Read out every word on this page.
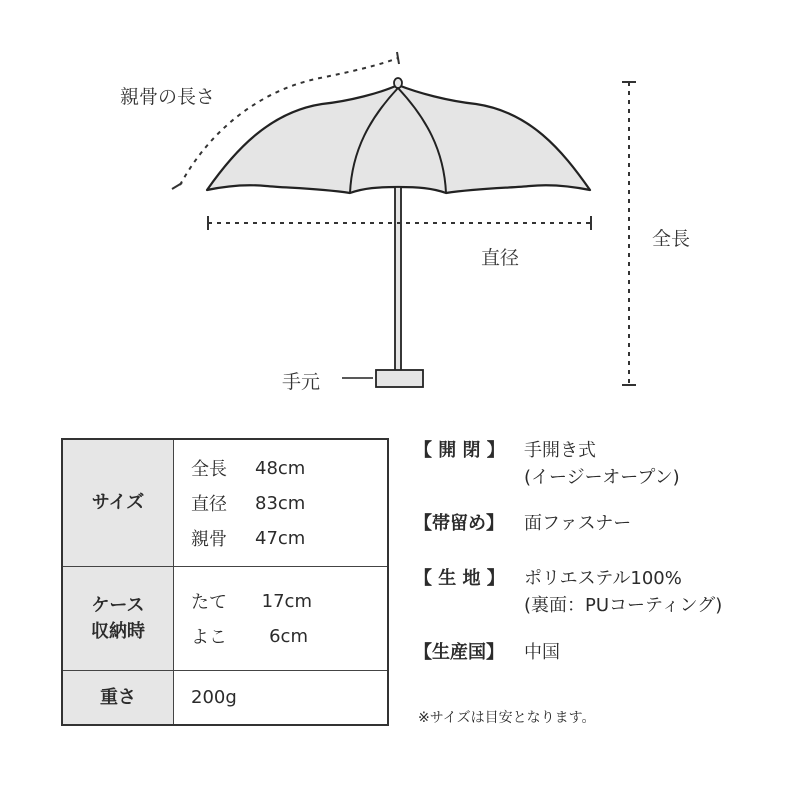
親骨の長さ
直径
全長
手元
サイズ
全長	48cm
直径	83cm
親骨	47cm
ケース
収納時
たて	17cm
よこ	6cm
重さ	200g
【 開 閉 】 手開き式
(イージーオープン)
【帯留め】 面ファスナー
【 生 地 】 ポリエステル100%
(裏面：PUコーティング)
【生産国】 中国
※サイズは目安となります。
